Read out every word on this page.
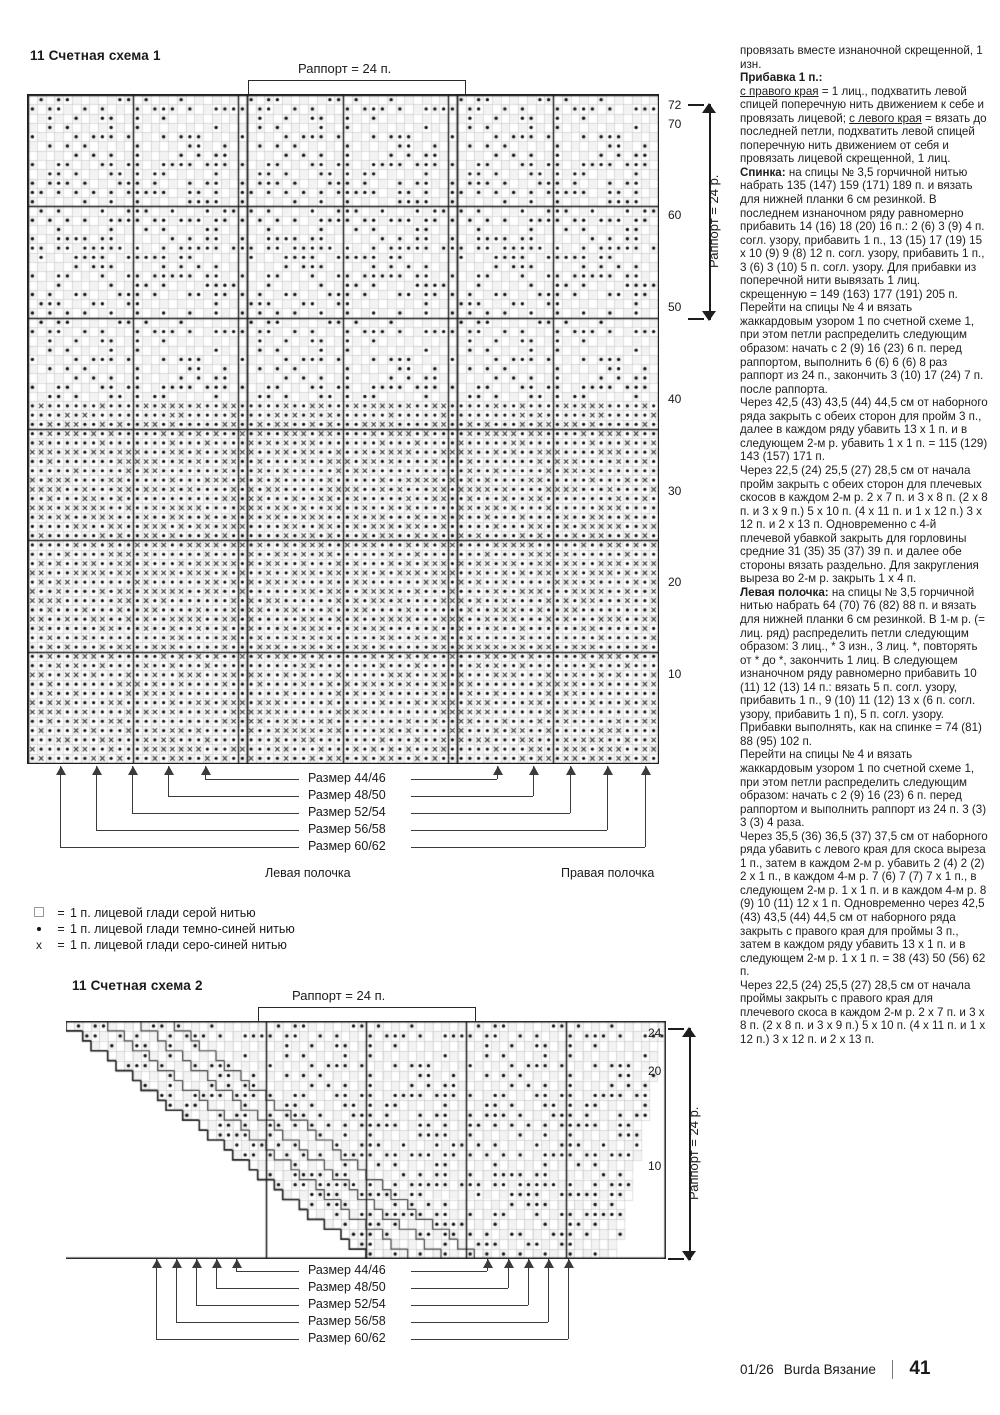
11 Счетная схема 1
Раппорт = 24 п.
72
70
60
50
40
30
20
10
Раппорт = 24 р.
Размер 44/46
Размер 48/50
Размер 52/54
Размер 56/58
Размер 60/62
Левая полочка	Правая полочка
= 1 п. лицевой глади серой нитью
= 1 п. лицевой глади темно-синей нитью
x	= 1 п. лицевой глади серо-синей нитью
11 Счетная схема 2
Раппорт = 24 п.
24
20
10 Раппорт = 24 р.
Размер 44/46
Размер 48/50
Размер 52/54
Размер 56/58
Размер 60/62

провязать вместе изнаночной скрещенной, 1 изн.

Прибавка 1 п.:

с правого края = 1 лиц., подхватить левой спицей поперечную нить движением к себе и провязать лицевой; с левого края = вязать до последней петли, подхватить левой спицей поперечную нить движением от себя и провязать лицевой скрещенной, 1 лиц.

Спинка: на спицы № 3,5 горчичной нитью набрать 135 (147) 159 (171) 189 п. и вязать для нижней планки 6 см резинкой. В последнем изнаночном ряду равномерно прибавить 14 (16) 18 (20) 16 п.: 2 (6) 3 (9) 4 п. согл. узору, прибавить 1 п., 13 (15) 17 (19) 15 x 10 (9) 9 (8) 12 п. согл. узору, прибавить 1 п., 3 (6) 3 (10) 5 п. согл. узору. Для прибавки из поперечной нити вывязать 1 лиц. скрещенную = 149 (163) 177 (191) 205 п.

Перейти на спицы № 4 и вязать жаккардовым узором 1 по счетной схеме 1, при этом петли распределить следующим образом: начать с 2 (9) 16 (23) 6 п. перед раппортом, выполнить 6 (6) 6 (6) 8 раз раппорт из 24 п., закончить 3 (10) 17 (24) 7 п. после раппорта.

Через 42,5 (43) 43,5 (44) 44,5 см от наборного ряда закрыть с обеих сторон для пройм 3 п., далее в каждом ряду убавить 13 x 1 п. и в следующем 2-м р. убавить 1 x 1 п. = 115 (129) 143 (157) 171 п.

Через 22,5 (24) 25,5 (27) 28,5 см от начала пройм закрыть с обеих сторон для плечевых скосов в каждом 2-м р. 2 x 7 п. и 3 x 8 п. (2 x 8 п. и 3 x 9 п.) 5 x 10 п. (4 x 11 п. и 1 x 12 п.) 3 x 12 п. и 2 x 13 п. Одновременно с 4-й плечевой убавкой закрыть для горловины средние 31 (35) 35 (37) 39 п. и далее обе стороны вязать раздельно. Для закругления выреза во 2-м р. закрыть 1 x 4 п.

Левая полочка: на спицы № 3,5 горчичной нитью набрать 64 (70) 76 (82) 88 п. и вязать для нижней планки 6 см резинкой. В 1-м р. (= лиц. ряд) распределить петли следующим образом: 3 лиц., * 3 изн., 3 лиц. *, повторять от * до *, закончить 1 лиц. В следующем изнаночном ряду равномерно прибавить 10 (11) 12 (13) 14 п.: вязать 5 п. согл. узору, прибавить 1 п., 9 (10) 11 (12) 13 x (6 п. согл. узору, прибавить 1 п), 5 п. согл. узору. Прибавки выполнять, как на спинке = 74 (81) 88 (95) 102 п.

Перейти на спицы № 4 и вязать жаккардовым узором 1 по счетной схеме 1, при этом петли распределить следующим образом: начать с 2 (9) 16 (23) 6 п. перед раппортом и выполнить раппорт из 24 п. 3 (3) 3 (3) 4 раза.

Через 35,5 (36) 36,5 (37) 37,5 см от наборного ряда убавить с левого края для скоса выреза 1 п., затем в каждом 2-м р. убавить 2 (4) 2 (2) 2 x 1 п., в каждом 4-м р. 7 (6) 7 (7) 7 x 1 п., в следующем 2-м р. 1 x 1 п. и в каждом 4-м р. 8 (9) 10 (11) 12 x 1 п. Одновременно через 42,5 (43) 43,5 (44) 44,5 см от наборного ряда закрыть с правого края для проймы 3 п., затем в каждом ряду убавить 13 x 1 п. и в следующем 2-м р. 1 x 1 п. = 38 (43) 50 (56) 62 п.

Через 22,5 (24) 25,5 (27) 28,5 см от начала проймы закрыть с правого края для плечевого скоса в каждом 2-м р. 2 x 7 п. и 3 x 8 п. (2 x 8 п. и 3 x 9 п.) 5 x 10 п. (4 x 11 п. и 1 x 12 п.) 3 x 12 п. и 2 x 13 п.

01/26 Burda Вязание 41
